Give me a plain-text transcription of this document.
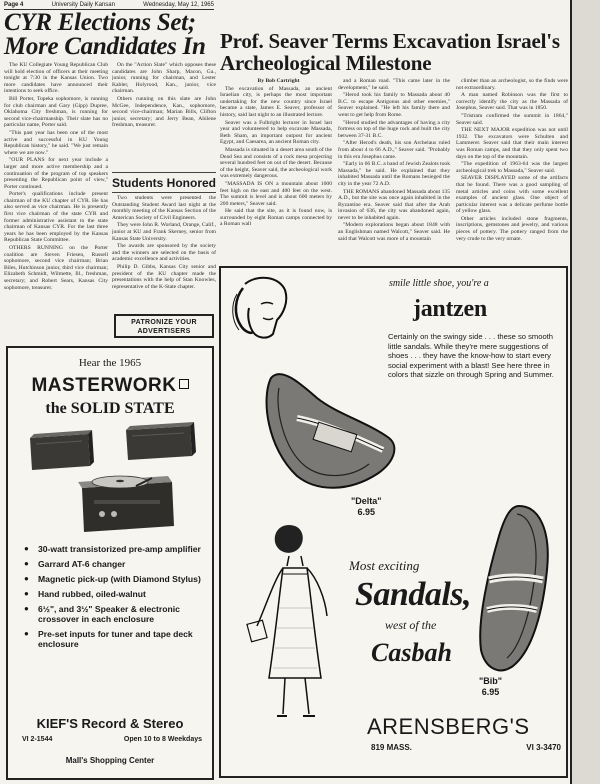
Page 4	University Daily Kansan	Wednesday, May 12, 1965
CYR Elections Set; More Candidates In

The KU Collegiate Young Republican Club will hold election of officers at their meeting tonight at 7:30 in the Kansas Union. Two more candidates have announced their intentions to seek office.

Bill Porter, Topeka sophomore, is running for club chairman and Gary (Gipp) Dupree, Oklahoma City freshman, is running for second vice-chairmanship. Their slate has no particular name, Porter said.

"This past year has been one of the most active and successful in KU Young Republican history," he said. "We just remain where we are now."

"OUR PLANS for next year include a larger and more active membership and a continuation of the program of top speakers presenting the Republican point of view," Porter continued.

Porter's qualifications include present chairman of the KU chapter of CYR. He has also served as vice chairman. He is presently first vice chairman of the state CYR and former administrative assistant to the state chairman of Kansas CYR. For the last three years he has been employed by the Kansas Republican State Committee.

OTHERS RUNNING on the Porter coalition are Steven Friesen, Russell sophomore, second vice chairman; Brian Biles, Hutchinson junior, third vice chairman; Elizabeth Schmidt, Wilmette, Ill., freshman, secretary; and Robert Sears, Kansas City sophomore, treasurer.

On the "Action Slate" which opposes these candidates are John Sharp, Macon, Ga., junior, running for chairman, and Lester Kabler, Holyrood, Kan., junior, vice chairman.

Others running on this slate are John McGee, Independence, Kan., sophomore, second vice-chairman; Marian Bills, Clifton junior, secretary; and Jerry Bean, Abilene freshman, treasurer.

Students Honored

Two students were presented the Outstanding Student Award last night at the monthly meeting of the Kansas Section of the American Society of Civil Engineers.

They were John R. Worland, Orange, Calif., junior at KU and Frank Skerney, senior from Kansas State University.

The awards are sponsored by the society and the winners are selected on the basis of academic excellence and activities.

Philip D. Gibbs, Kansas City senior and president of the KU chapter made the presentations with the help of Stan Knowles, representative of the K-State chapter.

PATRONIZE YOUR ADVERTISERS
Prof. Seaver Terms Excavation Israel's Archeological Milestone

By Bob Cartright

The excavation of Massada, an ancient Israelian city, is perhaps the most important undertaking for the new country since Israel became a state, James E. Seaver, professor of history, said last night to an illustrated lecture.

Seaver was a Fulbright lecturer in Israel last year and volunteered to help excavate Massada, Beth Sham, an important outpost for ancient Egypt, and Caesarea, an ancient Roman city.

Massada is situated in a desert area south of the Dead Sea and consists of a rock mesa projecting several hundred feet on out of the desert. Because of the height, Seaver said, the archeological work was extremely dangerous.

"MASSADA IS ON a mountain about 1000 feet high on the east and 400 feet on the west. The summit is level and is about 600 meters by 200 meters," Seaver said.

He said that the site, as it is found now, is surrounded by eight Roman camps connected by a Roman wall

and a Roman road. "This came later in the development," he said.

"Herod took his family to Massada about 40 B.C. to escape Antigonus and other enemies," Seaver explained. "He left his family there and went to get help from Rome.

"Herod studied the advantages of having a city fortress on top of the huge rock and built the city between 37-31 B.C.

"After Herod's death, his son Archelaus ruled from about 4 to 66 A.D.," Seaver said. "Probably in this era Josephus came.

"Early in 66 B.C. a band of Jewish Zealots took Massada," he said. He explained that they inhabited Massada until the Romans besieged the city in the year 72 A.D.

THE ROMANS abandoned Massada about 135 A.D., but the site was once again inhabited in the Byzantine era. Seaver said that after the Arab invasion of 636, the city was abandoned again, never to be inhabited again.

"Modern explorations began about 1848 with an Englishman named Walcott," Seaver said. He said that Walcott was more of a mountain

climber than an archeologist, so the finds were not extraordinary.

A man named Robinson was the first to correctly identify the city as the Massada of Josephus, Seaver said. That was in 1850.

"Tristram confirmed the summit in 1864," Seaver said.

THE NEXT MAJOR expedition was not until 1932. The excavators were Schulten and Lammerer. Seaver said that their main interest was Roman camps, and that they only spent two days on the top of the mountain.

"The expedition of 1963-64 was the largest archeological trek to Massada," Seaver said.

SEAVER DISPLAYED some of the artifacts that he found. There was a good sampling of metal articles and coins with some excellent examples of ancient glass. One object of particular interest was a delicate perfume bottle of yellow glass.

Other articles included stone fragments, inscriptions, gemstones and jewelry, and various pieces of pottery. The pottery ranged from the very crude to the very ornate.

Hear the 1965
MASTERWORK
the SOLID STATE
● 30-watt transistorized pre-amp amplifier
● Garrard AT-6 changer
● Magnetic pick-up (with Diamond Stylus)
● Hand rubbed, oiled-walnut
● 6½", and 3½" Speaker & electronic crossover in each enclosure
● Pre-set inputs for tuner and tape deck enclosure
KIEF'S Record & Stereo
VI 2-1544	Open 10 to 8 Weekdays
Mall's Shopping Center
smile little shoe, you're a
jantzen
Certainly on the swingy side . . . these so smooth little sandals. While they're mere suggestions of shoes . . . they have the know-how to start every social experiment with a blast! See here three in colors that sizzle on through Spring and Summer.
"Delta"
6.95
Most exciting
Sandals,
west of the
Casbah
"Bib"
6.95
ARENSBERG'S
819 MASS.	VI 3-3470
